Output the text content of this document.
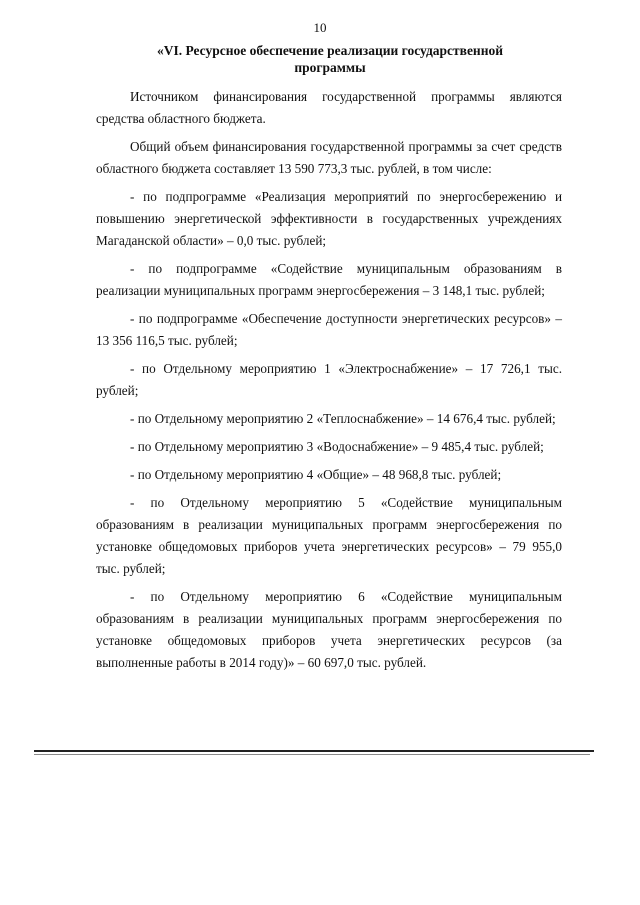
10
«VI. Ресурсное обеспечение реализации государственной
программы

Источником финансирования государственной программы являются средства областного бюджета.

Общий объем финансирования государственной программы за счет средств областного бюджета составляет 13 590 773,3 тыс. рублей, в том числе:

- по подпрограмме «Реализация мероприятий по энергосбережению и повышению энергетической эффективности в государственных учреждениях Магаданской области» – 0,0 тыс. рублей;

- по подпрограмме «Содействие муниципальным образованиям в реализации муниципальных программ энергосбережения – 3 148,1 тыс. рублей;

- по подпрограмме «Обеспечение доступности энергетических ресурсов» – 13 356 116,5 тыс. рублей;

- по Отдельному мероприятию 1 «Электроснабжение» – 17 726,1 тыс. рублей;

- по Отдельному мероприятию 2 «Теплоснабжение» – 14 676,4 тыс. рублей;

- по Отдельному мероприятию 3 «Водоснабжение» – 9 485,4 тыс. рублей;

- по Отдельному мероприятию 4 «Общие» – 48 968,8 тыс. рублей;

- по Отдельному мероприятию 5 «Содействие муниципальным образованиям в реализации муниципальных программ энергосбережения по установке общедомовых приборов учета энергетических ресурсов» – 79 955,0 тыс. рублей;

- по Отдельному мероприятию 6 «Содействие муниципальным образованиям в реализации муниципальных программ энергосбережения по установке общедомовых приборов учета энергетических ресурсов (за выполненные работы в 2014 году)» – 60 697,0 тыс. рублей.
